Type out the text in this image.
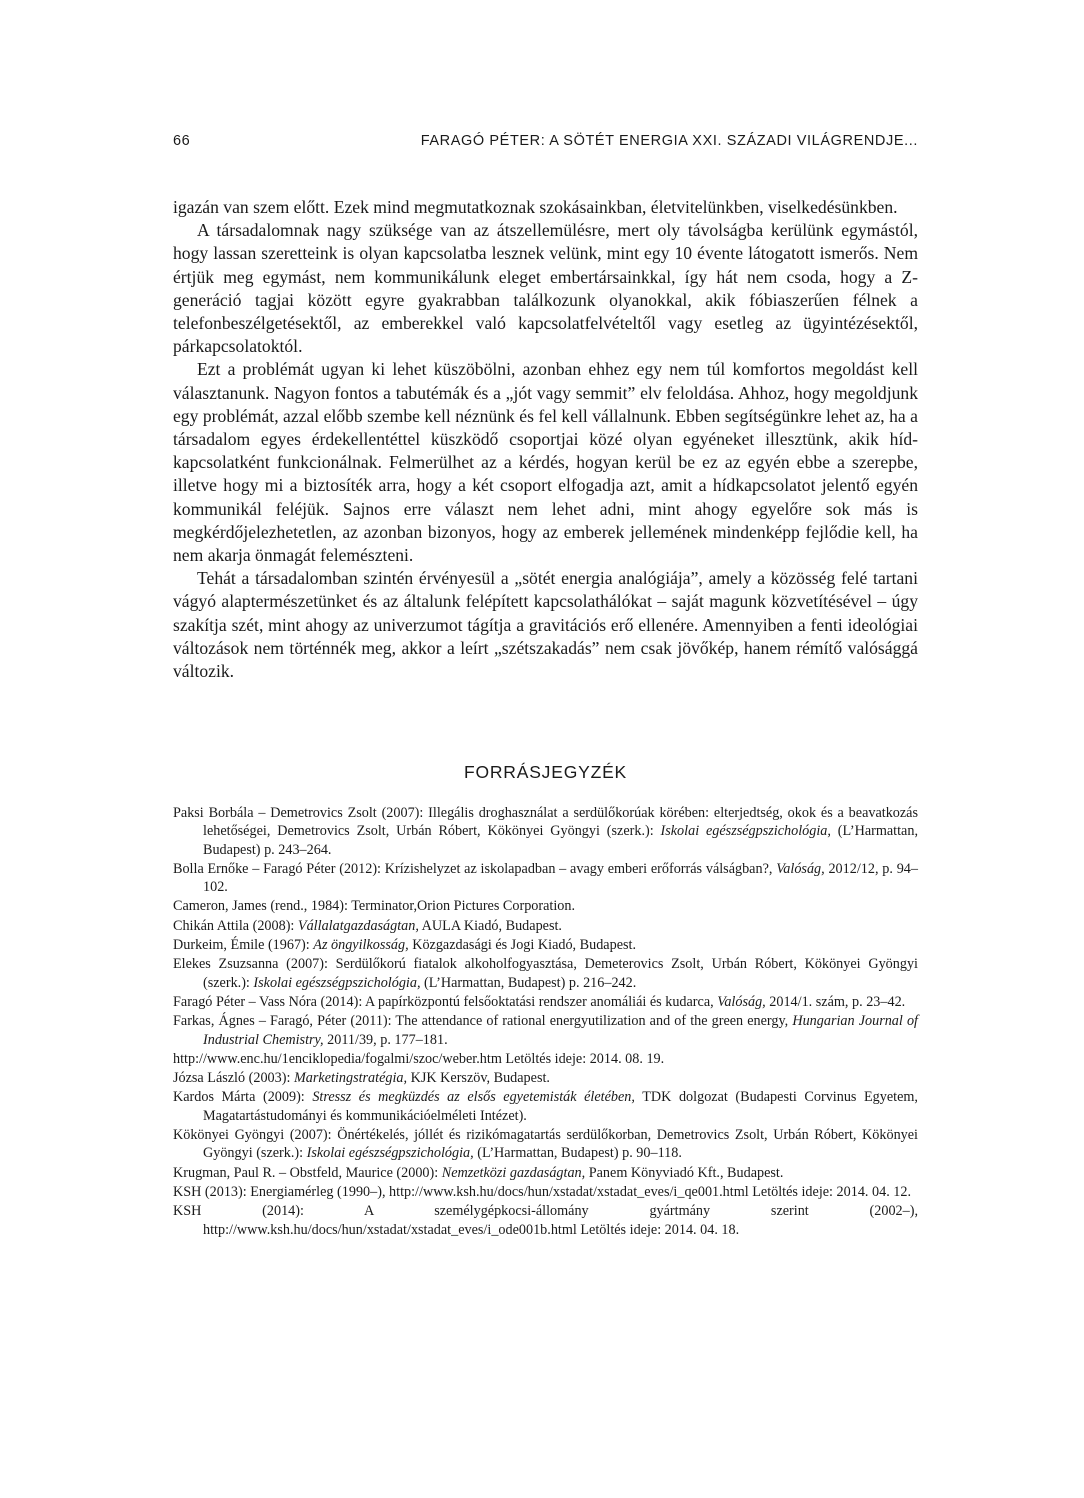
66	FARAGÓ PÉTER: A SÖTÉT ENERGIA XXI. SZÁZADI VILÁGRENDJE...

igazán van szem előtt. Ezek mind megmutatkoznak szokásainkban, életvitelünkben, viselkedésünkben.

A társadalomnak nagy szüksége van az átszellemülésre, mert oly távolságba kerülünk egymástól, hogy lassan szeretteink is olyan kapcsolatba lesznek velünk, mint egy 10 évente látogatott ismerős. Nem értjük meg egymást, nem kommunikálunk eleget embertársainkkal, így hát nem csoda, hogy a Z-generáció tagjai között egyre gyakrabban találkozunk olyanokkal, akik fóbiaszerűen félnek a telefonbeszélgetésektől, az emberekkel való kapcsolatfelvételtől vagy esetleg az ügyintézésektől, párkapcsolatoktól.

Ezt a problémát ugyan ki lehet küszöbölni, azonban ehhez egy nem túl komfortos megoldást kell választanunk. Nagyon fontos a tabutémák és a „jót vagy semmit” elv feloldása. Ahhoz, hogy megoldjunk egy problémát, azzal előbb szembe kell néznünk és fel kell vállalnunk. Ebben segítségünkre lehet az, ha a társadalom egyes érdekellentéttel küszködő csoportjai közé olyan egyéneket illesztünk, akik híd-kapcsolatként funkcionálnak. Felmerülhet az a kérdés, hogyan kerül be ez az egyén ebbe a szerepbe, illetve hogy mi a biztosíték arra, hogy a két csoport elfogadja azt, amit a hídkapcsolatot jelentő egyén kommunikál feléjük. Sajnos erre választ nem lehet adni, mint ahogy egyelőre sok más is megkérdőjelezhetetlen, az azonban bizonyos, hogy az emberek jellemének mindenképp fejlődie kell, ha nem akarja önmagát felemészteni.

Tehát a társadalomban szintén érvényesül a „sötét energia analógiája”, amely a közösség felé tartani vágyó alaptermészetünket és az általunk felépített kapcsolathálókat – saját magunk közvetítésével – úgy szakítja szét, mint ahogy az univerzumot tágítja a gravitációs erő ellenére. Amennyiben a fenti ideológiai változások nem történnék meg, akkor a leírt „szétszakadás” nem csak jövőkép, hanem rémítő valósággá változik.

FORRÁSJEGYZÉK

Paksi Borbála – Demetrovics Zsolt (2007): Illegális droghasználat a serdülőkorúak körében: elterjedtség, okok és a beavatkozás lehetőségei, Demetrovics Zsolt, Urbán Róbert, Kökönyei Gyöngyi (szerk.): Iskolai egészségpszichológia, (L’Harmattan, Budapest) p. 243–264.

Bolla Ernőke – Faragó Péter (2012): Krízishelyzet az iskolapadban – avagy emberi erőforrás válságban?, Valóság, 2012/12, p. 94–102.

Cameron, James (rend., 1984): Terminator,Orion Pictures Corporation.

Chikán Attila (2008): Vállalatgazdaságtan, AULA Kiadó, Budapest.

Durkeim, Émile (1967): Az öngyilkosság, Közgazdasági és Jogi Kiadó, Budapest.

Elekes Zsuzsanna (2007): Serdülőkorú fiatalok alkoholfogyasztása, Demeterovics Zsolt, Urbán Róbert, Kökönyei Gyöngyi (szerk.): Iskolai egészségpszichológia, (L’Harmattan, Budapest) p. 216–242.

Faragó Péter – Vass Nóra (2014): A papírközpontú felsőoktatási rendszer anomáliái és kudarca, Valóság, 2014/1. szám, p. 23–42.

Farkas, Ágnes – Faragó, Péter (2011): The attendance of rational energyutilization and of the green energy, Hungarian Journal of Industrial Chemistry, 2011/39, p. 177–181.

http://www.enc.hu/1enciklopedia/fogalmi/szoc/weber.htm Letöltés ideje: 2014. 08. 19.

Józsa László (2003): Marketingstratégia, KJK Kerszöv, Budapest.

Kardos Márta (2009): Stressz és megküzdés az elsős egyetemisták életében, TDK dolgozat (Budapesti Corvinus Egyetem, Magatartástudományi és kommunikációelméleti Intézet).

Kökönyei Gyöngyi (2007): Önértékelés, jóllét és rizikómagatartás serdülőkorban, Demetrovics Zsolt, Urbán Róbert, Kökönyei Gyöngyi (szerk.): Iskolai egészségpszichológia, (L’Harmattan, Budapest) p. 90–118.

Krugman, Paul R. – Obstfeld, Maurice (2000): Nemzetközi gazdaságtan, Panem Könyviadó Kft., Budapest.

KSH (2013): Energiamérleg (1990–), http://www.ksh.hu/docs/hun/xstadat/xstadat_eves/i_qe001.html Letöltés ideje: 2014. 04. 12.

KSH (2014): A személygépkocsi-állomány gyártmány szerint (2002–), http://www.ksh.hu/docs/hun/xstadat/xstadat_eves/i_ode001b.html Letöltés ideje: 2014. 04. 18.
